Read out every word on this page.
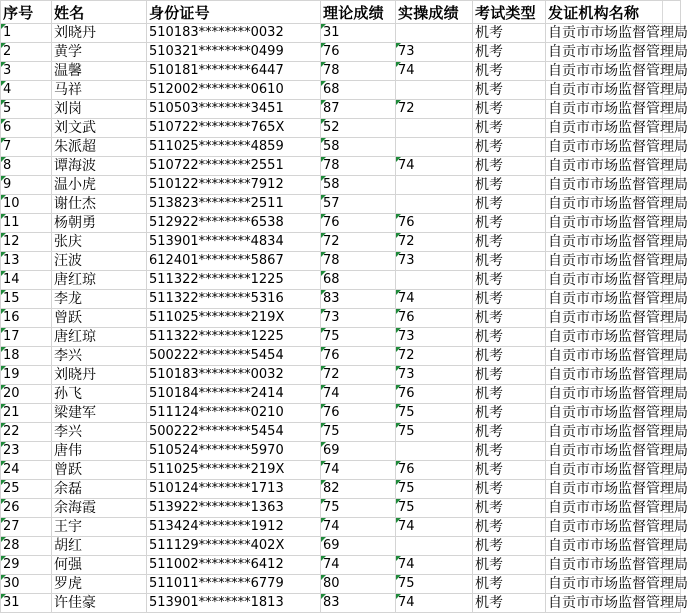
序号	姓名	身份证号	理论成绩	实操成绩	考试类型	发证机构名称
1	刘晓丹	510183********0032	31		机考	自贡市市场监督管理局
2	黄学	510321********0499	76	73	机考	自贡市市场监督管理局
3	温馨	510181********6447	78	74	机考	自贡市市场监督管理局
4	马祥	512002********0610	68		机考	自贡市市场监督管理局
5	刘岗	510503********3451	87	72	机考	自贡市市场监督管理局
6	刘文武	510722********765X	52		机考	自贡市市场监督管理局
7	朱派超	511025********4859	58		机考	自贡市市场监督管理局
8	谭海波	510722********2551	78	74	机考	自贡市市场监督管理局
9	温小虎	510122********7912	58		机考	自贡市市场监督管理局
10	谢仕杰	513823********2511	57		机考	自贡市市场监督管理局
11	杨朝勇	512922********6538	76	76	机考	自贡市市场监督管理局
12	张庆	513901********4834	72	72	机考	自贡市市场监督管理局
13	汪波	612401********5867	78	73	机考	自贡市市场监督管理局
14	唐红琼	511322********1225	68		机考	自贡市市场监督管理局
15	李龙	511322********5316	83	74	机考	自贡市市场监督管理局
16	曾跃	511025********219X	73	76	机考	自贡市市场监督管理局
17	唐红琼	511322********1225	75	73	机考	自贡市市场监督管理局
18	李兴	500222********5454	76	72	机考	自贡市市场监督管理局
19	刘晓丹	510183********0032	72	73	机考	自贡市市场监督管理局
20	孙飞	510184********2414	74	76	机考	自贡市市场监督管理局
21	梁建军	511124********0210	76	75	机考	自贡市市场监督管理局
22	李兴	500222********5454	75	75	机考	自贡市市场监督管理局
23	唐伟	510524********5970	69		机考	自贡市市场监督管理局
24	曾跃	511025********219X	74	76	机考	自贡市市场监督管理局
25	余磊	510124********1713	82	75	机考	自贡市市场监督管理局
26	余海霞	513922********1363	75	75	机考	自贡市市场监督管理局
27	王宇	513424********1912	74	74	机考	自贡市市场监督管理局
28	胡红	511129********402X	69		机考	自贡市市场监督管理局
29	何强	511002********6412	74	74	机考	自贡市市场监督管理局
30	罗虎	511011********6779	80	75	机考	自贡市市场监督管理局
31	许佳豪	513901********1813	83	74	机考	自贡市市场监督管理局
